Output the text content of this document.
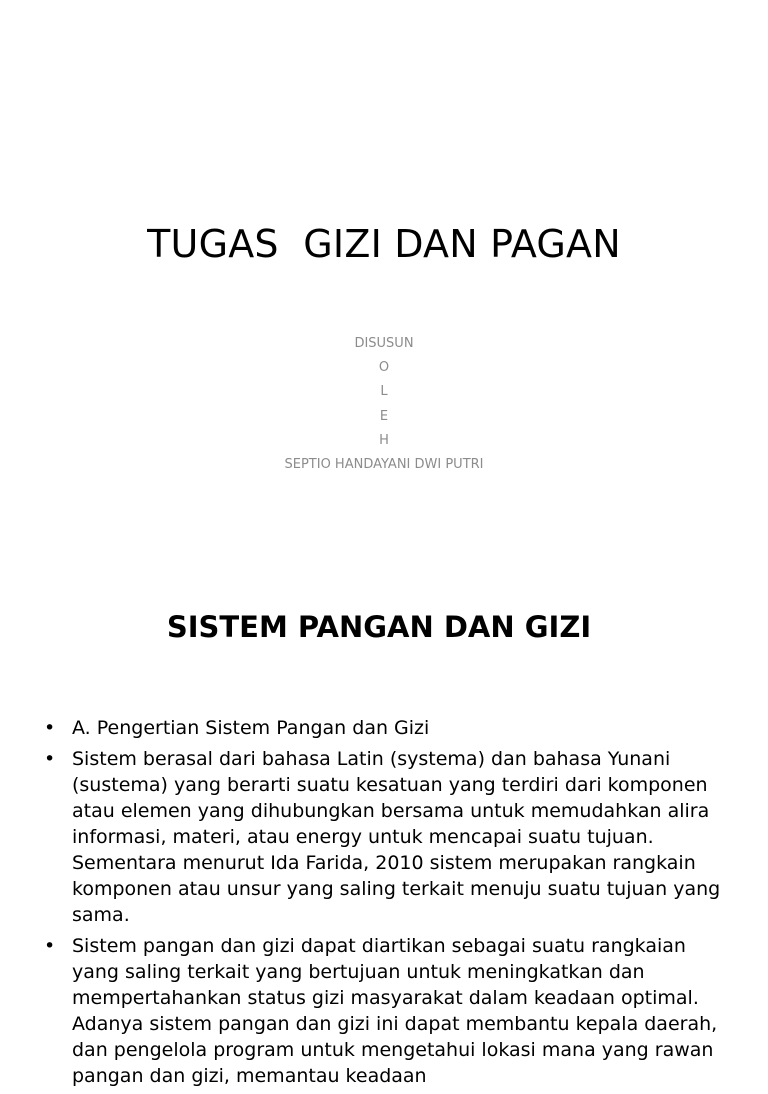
TUGAS  GIZI DAN PAGAN
DISUSUN
O
L
E
H
SEPTIO HANDAYANI DWI PUTRI
SISTEM PANGAN DAN GIZI
• A. Pengertian Sistem Pangan dan Gizi
• Sistem berasal dari bahasa Latin (systema) dan bahasa Yunani (sustema) yang berarti suatu kesatuan yang terdiri dari komponen atau elemen yang dihubungkan bersama untuk memudahkan alira informasi, materi, atau energy untuk mencapai suatu tujuan. Sementara menurut Ida Farida, 2010 sistem merupakan rangkain komponen atau unsur yang saling terkait menuju suatu tujuan yang sama.
• Sistem pangan dan gizi dapat diartikan sebagai suatu rangkaian yang saling terkait yang bertujuan untuk meningkatkan dan mempertahankan status gizi masyarakat dalam keadaan optimal. Adanya sistem pangan dan gizi ini dapat membantu kepala daerah, dan pengelola program untuk mengetahui lokasi mana yang rawan pangan dan gizi, memantau keadaan
